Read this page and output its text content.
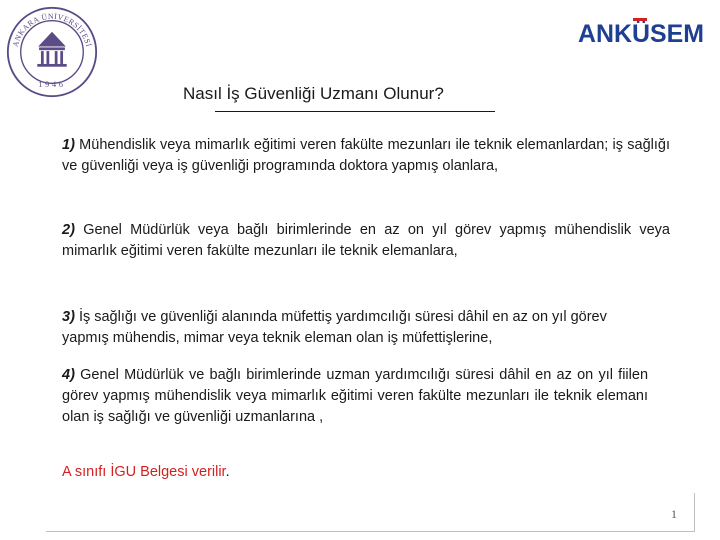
ANKARA ÜNİVERSİTESİ
1946
ANKÜSEM
Nasıl İş Güvenliği Uzmanı Olunur?
1) Mühendislik veya mimarlık eğitimi veren fakülte mezunları ile teknik elemanlardan; iş sağlığı ve güvenliği veya iş güvenliği programında doktora yapmış olanlara,
2) Genel Müdürlük veya bağlı birimlerinde en az on yıl görev yapmış mühendislik veya mimarlık eğitimi veren fakülte mezunları ile teknik elemanlara,
3) İş sağlığı ve güvenliği alanında müfettiş yardımcılığı süresi dâhil en az on yıl görev yapmış mühendis, mimar veya teknik eleman olan iş müfettişlerine,
4) Genel Müdürlük ve bağlı birimlerinde uzman yardımcılığı süresi dâhil en az on yıl fiilen görev yapmış mühendislik veya mimarlık eğitimi veren fakülte mezunları ile teknik elemanı olan iş sağlığı ve güvenliği uzmanlarına ,
A sınıfı İGU Belgesi verilir.
1
